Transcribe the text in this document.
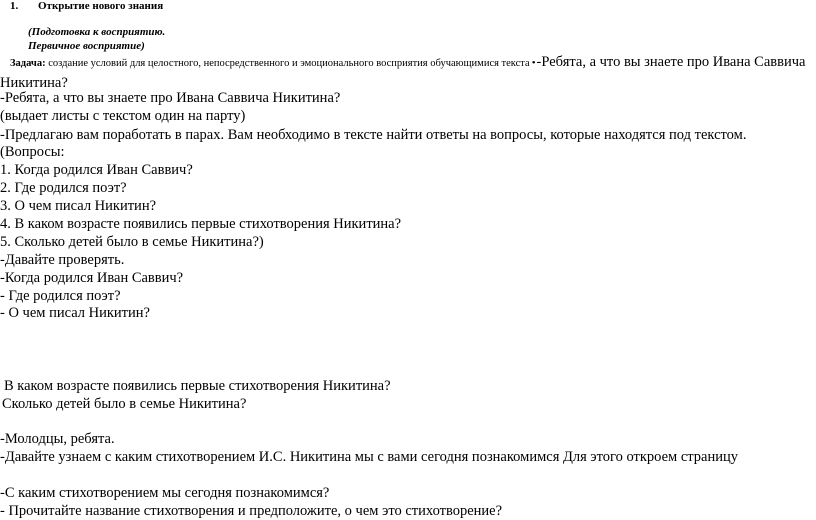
1. Открытие нового знания
(Подготовка к восприятию.
Первичное восприятие)
Задача: создание условий для целостного, непосредственного и эмоционального восприятия обучающимися текста •-Ребята, а что вы знаете про Ивана Саввича Никитина?
-Ребята, а что вы знаете про Ивана Саввича Никитина?
(выдает листы с текстом один на парту)
-Предлагаю вам поработать в парах. Вам необходимо в тексте найти ответы на вопросы, которые находятся под текстом.
(Вопросы:
1. Когда родился Иван Саввич?
2. Где родился поэт?
3. О чем писал Никитин?
4. В каком возрасте появились первые стихотворения Никитина?
5. Сколько детей было в семье Никитина?)
-Давайте проверять.
-Когда родился Иван Саввич?
- Где родился поэт?
- О чем писал Никитин?
В каком возрасте появились первые стихотворения Никитина?
Сколько детей было в семье Никитина?
-Молодцы, ребята.
-Давайте узнаем с каким стихотворением И.С. Никитина мы с вами сегодня познакомимся Для этого откроем страницу
-С каким стихотворением мы сегодня познакомимся?
- Прочитайте название стихотворения и предположите, о чем это стихотворение?
